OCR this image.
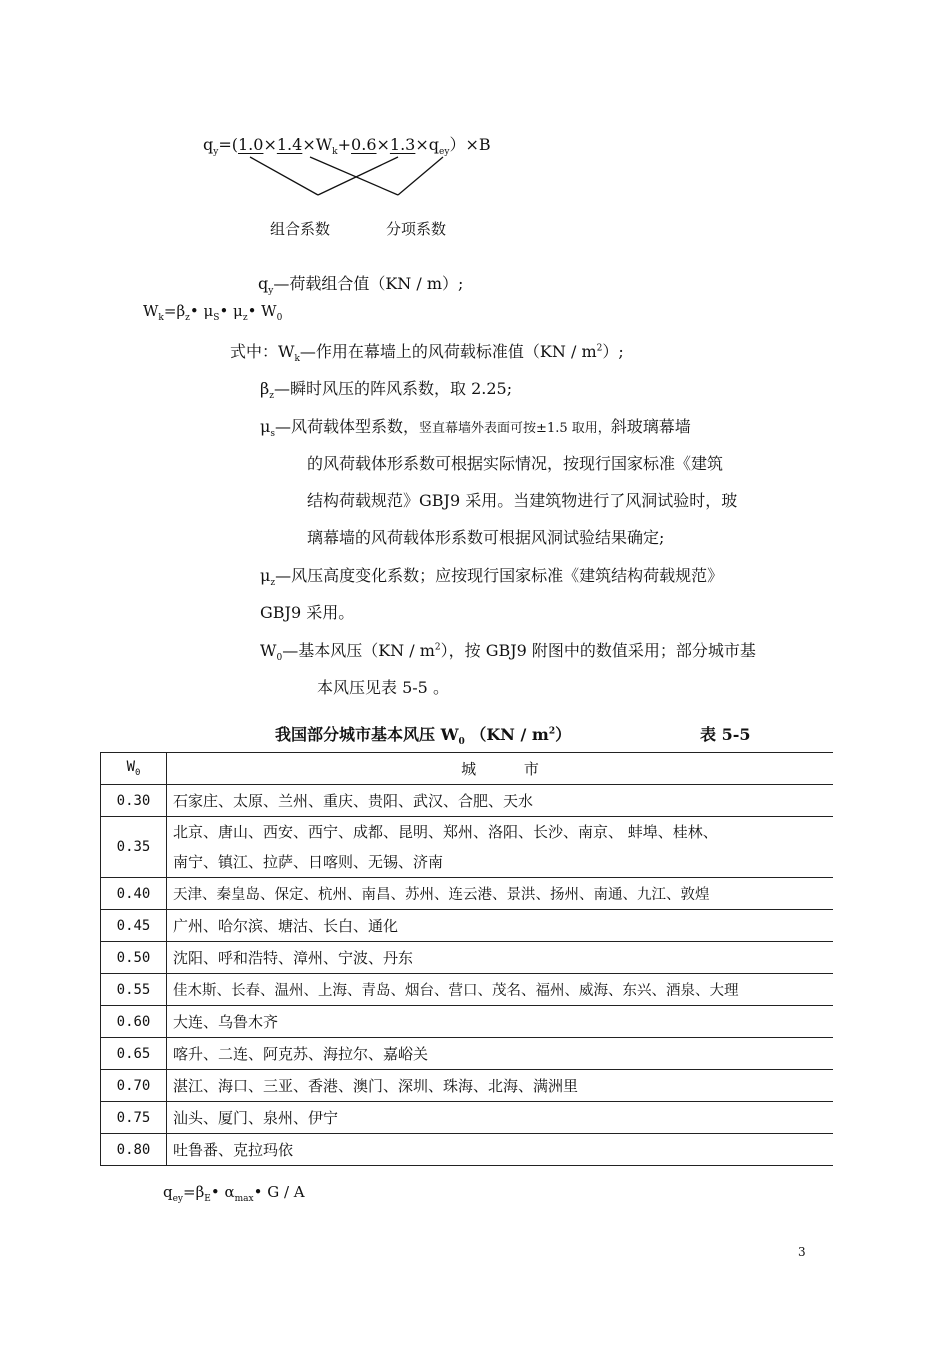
$q_y=(1.0\times 1.4\times W_k+0.6\times 1.3\times q_{ey})\times B$
组合系数	分项系数
$q_y—$荷载组合值（KN / m）;
$W_k=\beta_z•$ $\mu_S•$ $\mu_z•$ $W_0$
式中：$W_k—$作用在幕墙上的风荷载标准值$(KN / m^2)$;
$\beta_z—$瞬时风压的阵风系数，取 2.25;
$\mu_s—$风荷载体型系数，竖直幕墙外表面可按±1.5 取用，斜玻璃幕墙
的风荷载体形系数可根据实际情况，按现行国家标准《建筑
结构荷载规范》GBJ9 采用。当建筑物进行了风洞试验时，玻
璃幕墙的风荷载体形系数可根据风洞试验结果确定;
$\mu_z—$风压高度变化系数；应按现行国家标准《建筑结构荷载规范》
GBJ9 采用。
$W_0—$基本风压$(KN / m^2)$，按 GBJ9 附图中的数值采用；部分城市基
本风压见表 5-5 。
我国部分城市基本风压 $W_0$ $(KN / m^2)$	表 5-5
$W_0$	城          市
0.30	石家庄、太原、兰州、重庆、贵阳、武汉、合肥、天水
0.35	北京、唐山、西安、西宁、成都、昆明、郑州、洛阳、长沙、南京、 蚌埠、桂林、
南宁、镇江、拉萨、日喀则、无锡、济南

0.40	天津、秦皇岛、保定、杭州、南昌、苏州、连云港、景洪、扬州、南通、九江、敦煌
0.45	广州、哈尔滨、塘沽、长白、通化
0.50	沈阳、呼和浩特、漳州、宁波、丹东
0.55	佳木斯、长春、温州、上海、青岛、烟台、营口、茂名、福州、威海、东兴、酒泉、大理
0.60	大连、乌鲁木齐
0.65	喀升、二连、阿克苏、海拉尔、嘉峪关
0.70	湛江、海口、三亚、香港、澳门、深圳、珠海、北海、满洲里
0.75	汕头、厦门、泉州、伊宁
0.80	吐鲁番、克拉玛依
$q_{ey}=\beta_E•$ $\alpha_{max}•$ G / A
3
